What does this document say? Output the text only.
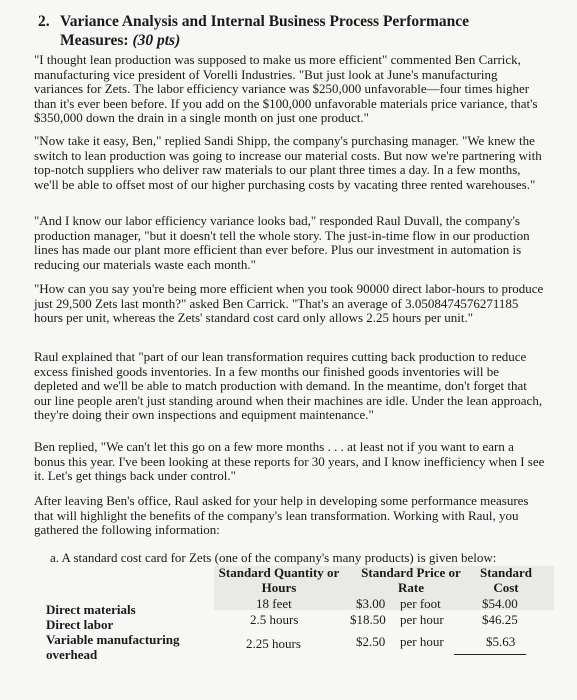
2. Variance Analysis and Internal Business Process Performance
Measures: (30 pts)

"I thought lean production was supposed to make us more efficient" commented Ben Carrick, manufacturing vice president of Vorelli Industries. "But just look at June's manufacturing variances for Zets. The labor efficiency variance was $250,000 unfavorable—four times higher than it's ever been before. If you add on the $100,000 unfavorable materials price variance, that's $350,000 down the drain in a single month on just one product."

"Now take it easy, Ben," replied Sandi Shipp, the company's purchasing manager. "We knew the switch to lean production was going to increase our material costs. But now we're partnering with top-notch suppliers who deliver raw materials to our plant three times a day. In a few months, we'll be able to offset most of our higher purchasing costs by vacating three rented warehouses."

"And I know our labor efficiency variance looks bad," responded Raul Duvall, the company's production manager, "but it doesn't tell the whole story. The just-in-time flow in our production lines has made our plant more efficient than ever before. Plus our investment in automation is reducing our materials waste each month."

"How can you say you're being more efficient when you took 90000 direct labor-hours to produce just 29,500 Zets last month?" asked Ben Carrick. "That's an average of 3.0508474576271185 hours per unit, whereas the Zets' standard cost card only allows 2.25 hours per unit."

Raul explained that "part of our lean transformation requires cutting back production to reduce excess finished goods inventories. In a few months our finished goods inventories will be depleted and we'll be able to match production with demand. In the meantime, don't forget that our line people aren't just standing around when their machines are idle. Under the lean approach, they're doing their own inspections and equipment maintenance."

Ben replied, "We can't let this go on a few more months . . . at least not if you want to earn a bonus this year. I've been looking at these reports for 30 years, and I know inefficiency when I see it. Let's get things back under control."

After leaving Ben's office, Raul asked for your help in developing some performance measures that will highlight the benefits of the company's lean transformation. Working with Raul, you gathered the following information:

a. A standard cost card for Zets (one of the company's many products) is given below:
Standard Quantity or
Hours
Standard Price or
Rate
Standard
Cost
Direct materials	18 feet	$3.00 per foot	$54.00
Direct labor	2.5 hours	$18.50 per hour	$46.25
Variable manufacturing
overhead
2.25 hours	$2.50 per hour	$5.63
